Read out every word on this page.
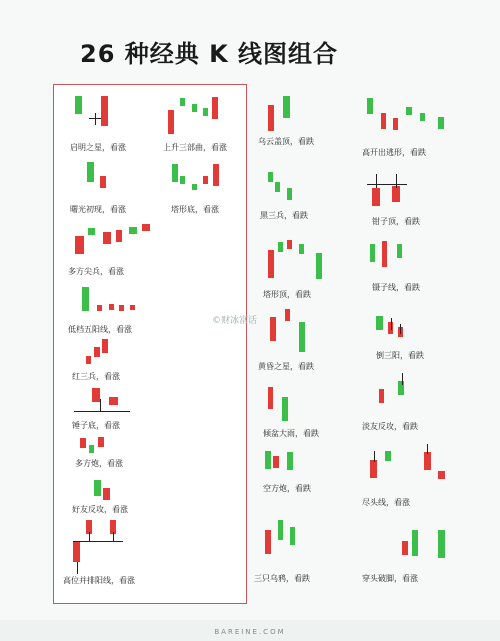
26 种经典 K 线图组合
启明之星，看涨	上升三部曲，看涨
曙光初现，看涨	塔形底，看涨
多方尖兵，看涨
低档五阳线，看涨
红三兵，看涨
锤子底，看涨
多方炮，看涨
好友反攻，看涨
高位并排阳线，看涨
乌云盖顶，看跌
黑三兵，看跌
塔形顶，看跌
黄昏之星，看跌
倾盆大雨，看跌
空方炮，看跌
三只乌鸦，看跌
高开出逃形，看跌
钳子顶，看跌
镊子线，看跌
倒三阳，看跌
淡友反攻，看跌
尽头线，看涨
穿头破脚，看涨
©财冰富话
BAREINE.COM
